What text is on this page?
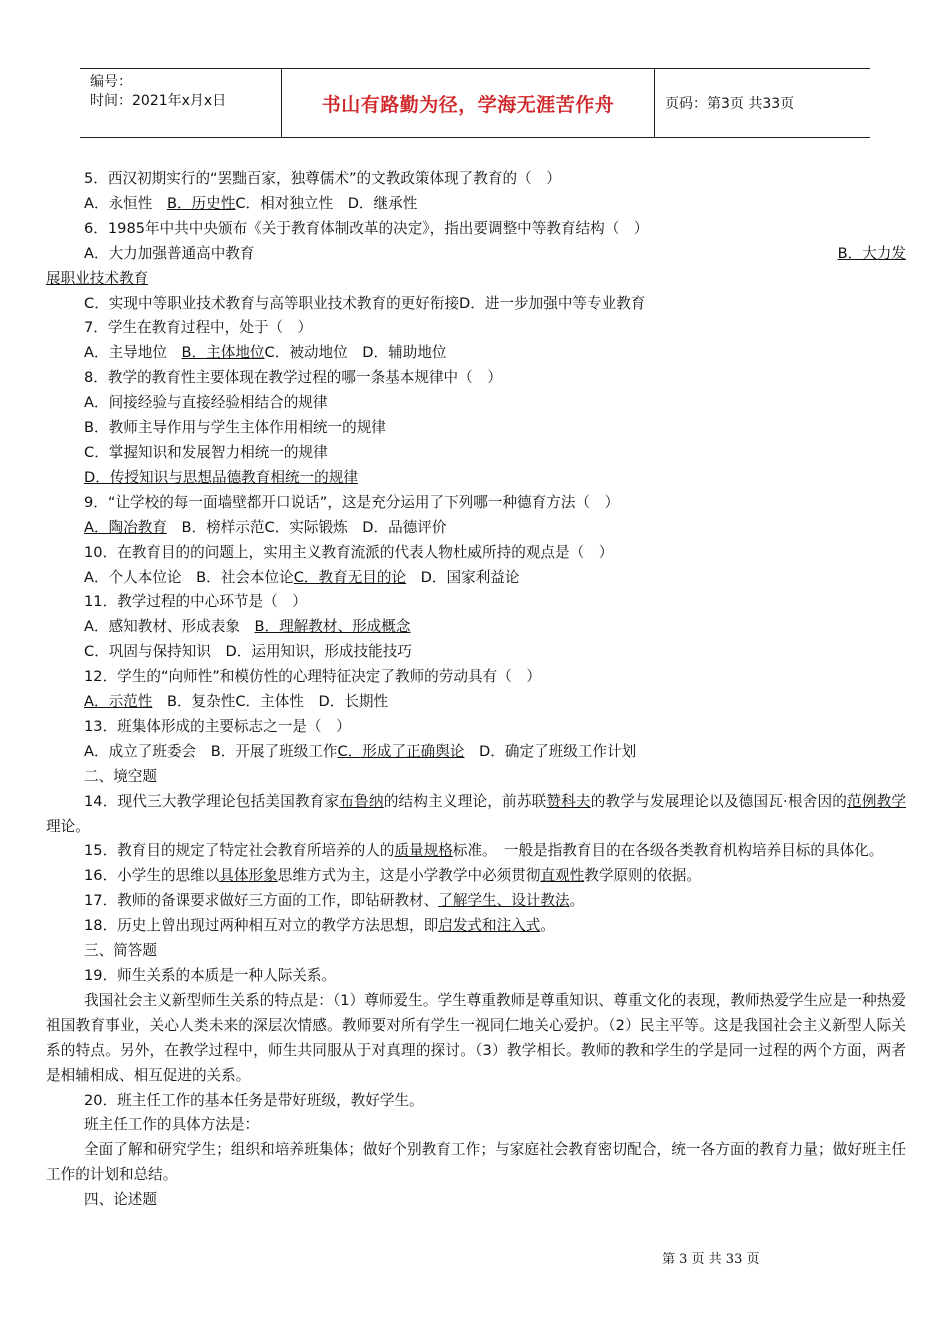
编号：
时间：2021年x月x日	书山有路勤为径，学海无涯苦作舟	页码：第3页 共33页

5．西汉初期实行的“罢黜百家，独尊儒术”的文教政策体现了教育的（　）

A．永恒性　B．历史性C．相对独立性　D．继承性

6．1985年中共中央颁布《关于教育体制改革的决定》，指出要调整中等教育结构（　）

A．大力加强普通高中教育	B．大力发

展职业技术教育

C．实现中等职业技术教育与高等职业技术教育的更好衔接D．进一步加强中等专业教育

7．学生在教育过程中，处于（　）

A．主导地位　B．主体地位C．被动地位　D．辅助地位

8．教学的教育性主要体现在教学过程的哪一条基本规律中（　）

A．间接经验与直接经验相结合的规律

B．教师主导作用与学生主体作用相统一的规律

C．掌握知识和发展智力相统一的规律

D．传授知识与思想品德教育相统一的规律

9．“让学校的每一面墙壁都开口说话”，这是充分运用了下列哪一种德育方法（　）

A．陶冶教育　B．榜样示范C．实际锻炼　D．品德评价

10．在教育目的的问题上，实用主义教育流派的代表人物杜威所持的观点是（　）

A．个人本位论　B．社会本位论C．教育无目的论　D．国家利益论

11．教学过程的中心环节是（　）

A．感知教材、形成表象　B．理解教材、形成概念

C．巩固与保持知识　D．运用知识，形成技能技巧

12．学生的“向师性”和模仿性的心理特征决定了教师的劳动具有（　）

A．示范性　B．复杂性C．主体性　D．长期性

13．班集体形成的主要标志之一是（　）

A．成立了班委会　B．开展了班级工作C．形成了正确舆论　D．确定了班级工作计划

二、境空题

14．现代三大教学理论包括美国教育家布鲁纳的结构主义理论，前苏联赞科夫的教学与发展理论以及德国瓦·根舍因的范例教学理论。

15．教育目的规定了特定社会教育所培养的人的质量规格标准。　一般是指教育目的在各级各类教育机构培养目标的具体化。

16．小学生的思维以具体形象思维方式为主，这是小学教学中必须贯彻直观性教学原则的依据。

17．教师的备课要求做好三方面的工作，即钻研教材、了解学生、设计教法。

18．历史上曾出现过两种相互对立的教学方法思想，即启发式和注入式。

三、简答题

19．师生关系的本质是一种人际关系。

我国社会主义新型师生关系的特点是：（1）尊师爱生。学生尊重教师是尊重知识、尊重文化的表现，教师热爱学生应是一种热爱祖国教育事业，关心人类未来的深层次情感。教师要对所有学生一视同仁地关心爱护。（2）民主平等。这是我国社会主义新型人际关系的特点。另外，在教学过程中，师生共同服从于对真理的探讨。（3）教学相长。教师的教和学生的学是同一过程的两个方面，两者是相辅相成、相互促进的关系。

20．班主任工作的基本任务是带好班级，教好学生。

班主任工作的具体方法是：

全面了解和研究学生；组织和培养班集体；做好个别教育工作；与家庭社会教育密切配合，统一各方面的教育力量；做好班主任工作的计划和总结。

四、论述题

第 3 页 共 33 页
